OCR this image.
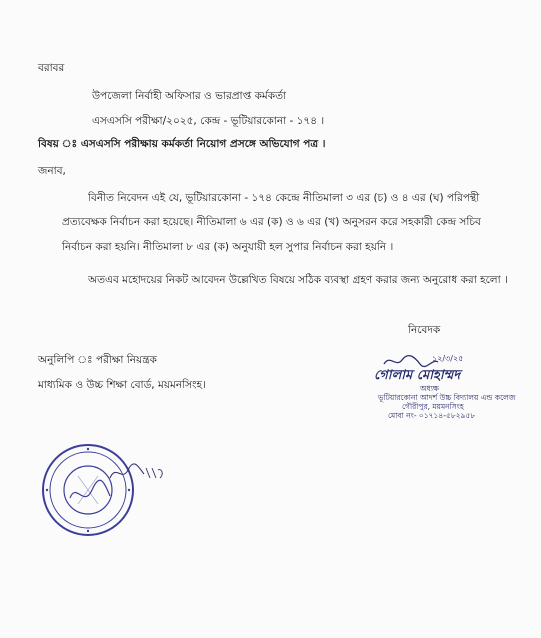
বরাবর
উপজেলা নির্বাহী অফিসার ও ভারপ্রাপ্ত কর্মকর্তা
এসএসসি পরীক্ষা/২০২৫, কেন্দ্র - ভূটিয়ারকোনা - ১৭৪ ।
বিষয় ঃ এসএসসি পরীক্ষায় কর্মকর্তা নিয়োগ প্রসঙ্গে অভিযোগ পত্র ।
জনাব,
বিনীত নিবেদন এই যে, ভূটিয়ারকোনা - ১৭৪ কেন্দ্রে নীতিমালা ৩ এর (চ) ও ৪ এর (ঘ) পরিপন্থী
প্রত্যবেক্ষক নির্বাচন করা হয়েছে। নীতিমালা ৬ এর (ক) ও ৬ এর (খ) অনুসরন করে সহকারী কেন্দ্র সচিব
নির্বাচন করা হয়নি। নীতিমালা ৮ এর (ক) অনুযায়ী হল সুপার নির্বাচন করা হয়নি ।
অতএব মহোদয়ের নিকট আবেদন উল্লেখিত বিষয়ে সঠিক ব্যবস্থা গ্রহণ করার জন্য অনুরোধ করা হলো ।
নিবেদক
১২/৩/২৫
গোলাম মোহাম্মদ
অধ্যক্ষ
ভূটিয়ারকোনা আদর্শ উচ্চ বিদ্যালয় এন্ড কলেজ
গৌরীপুর, ময়মনসিংহ
মোবা নং- ০১৭১৪-৫৮২৯৫৮
অনুলিপি ঃ পরীক্ষা নিয়ন্ত্রক
মাধ্যমিক ও উচ্চ শিক্ষা বোর্ড, ময়মনসিংহ।
